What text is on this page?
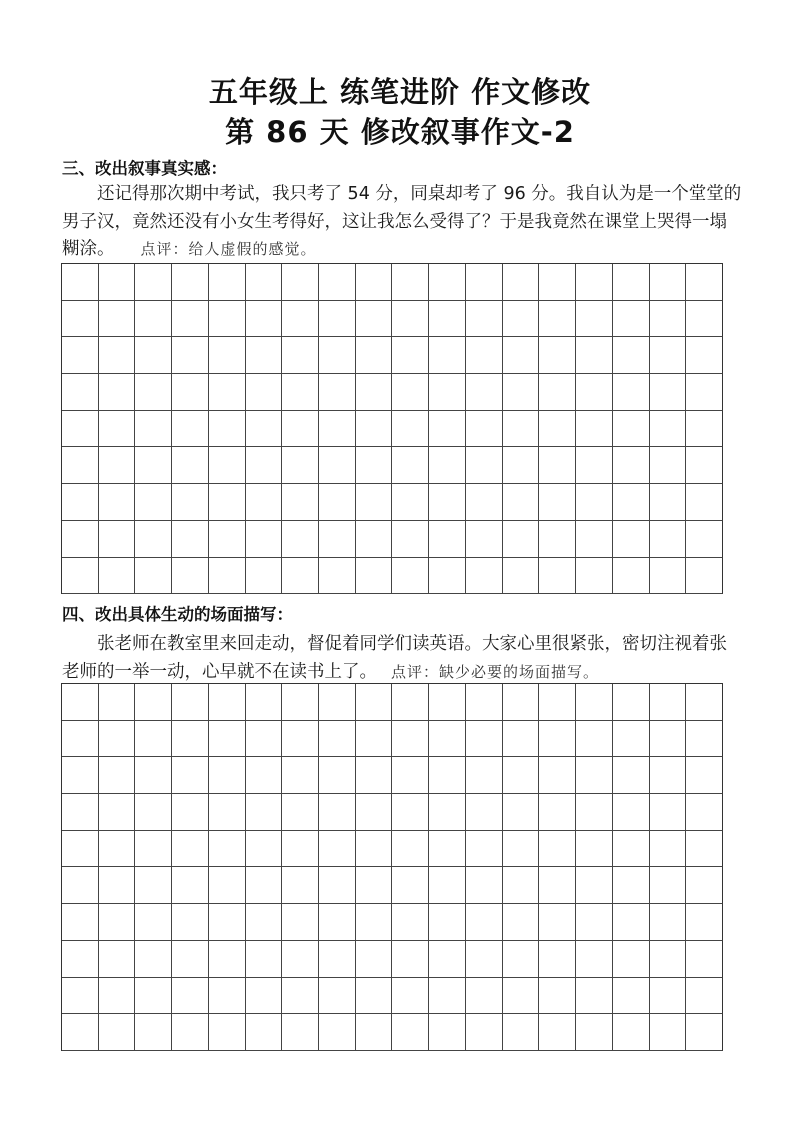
五年级上 练笔进阶 作文修改
第 86 天 修改叙事作文-2
三、改出叙事真实感：

还记得那次期中考试，我只考了 54 分，同桌却考了 96 分。我自认为是一个堂堂的男子汉，竟然还没有小女生考得好，这让我怎么受得了？于是我竟然在课堂上哭得一塌糊涂。 点评：给人虚假的感觉。

四、改出具体生动的场面描写：

张老师在教室里来回走动，督促着同学们读英语。大家心里很紧张，密切注视着张老师的一举一动，心早就不在读书上了。 点评：缺少必要的场面描写。
